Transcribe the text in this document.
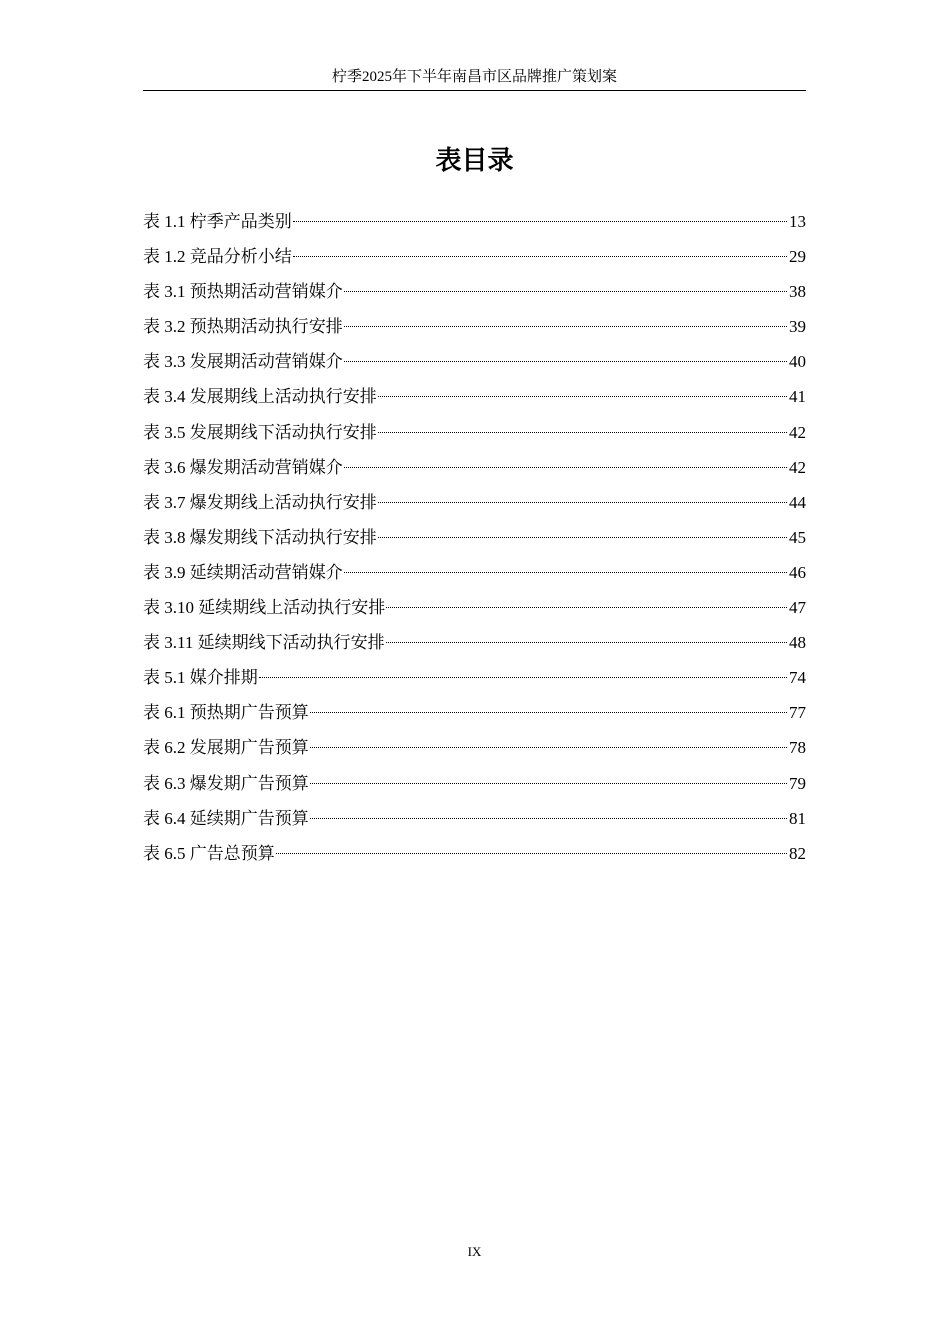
柠季2025年下半年南昌市区品牌推广策划案
表目录
表 1.1 柠季产品类别	13
表 1.2 竞品分析小结	29
表 3.1 预热期活动营销媒介	38
表 3.2 预热期活动执行安排	39
表 3.3 发展期活动营销媒介	40
表 3.4 发展期线上活动执行安排	41
表 3.5 发展期线下活动执行安排	42
表 3.6 爆发期活动营销媒介	42
表 3.7 爆发期线上活动执行安排	44
表 3.8 爆发期线下活动执行安排	45
表 3.9 延续期活动营销媒介	46
表 3.10 延续期线上活动执行安排	47
表 3.11 延续期线下活动执行安排	48
表 5.1 媒介排期	74
表 6.1 预热期广告预算	77
表 6.2 发展期广告预算	78
表 6.3 爆发期广告预算	79
表 6.4 延续期广告预算	81
表 6.5 广告总预算	82
IX
